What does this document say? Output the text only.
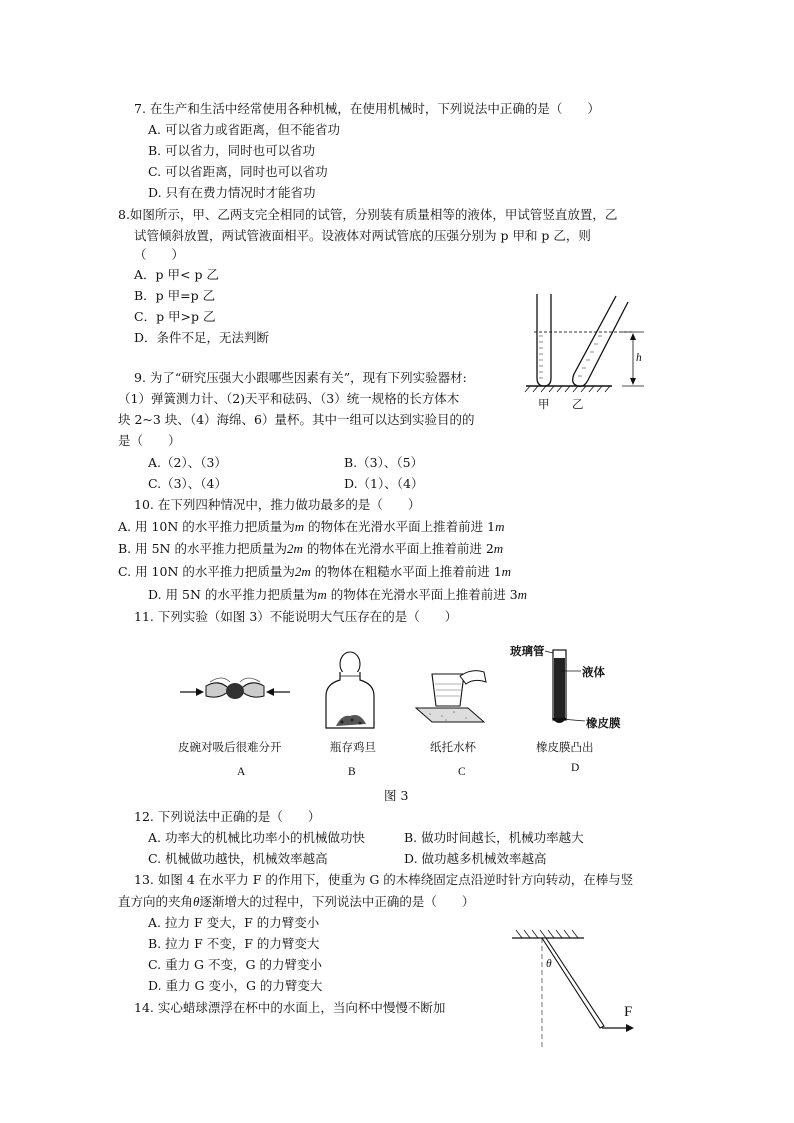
7. 在生产和生活中经常使用各种机械，在使用机械时，下列说法中正确的是（　　）
A. 可以省力或省距离，但不能省功
B. 可以省力，同时也可以省功
C. 可以省距离，同时也可以省功
D. 只有在费力情况时才能省功
8.如图所示，甲、乙两支完全相同的试管，分别装有质量相等的液体，甲试管竖直放置，乙
试管倾斜放置，两试管液面相平。设液体对两试管底的压强分别为 p 甲和 p 乙，则
（　　）
A．p 甲< p 乙
B．p 甲=p 乙
C．p 甲>p 乙
D．条件不足，无法判断
甲 乙
h
9. 为了“研究压强大小跟哪些因素有关”，现有下列实验器材:
（1）弹簧测力计、（2)天平和砝码、（3）统一规格的长方体木
块 2~3 块、（4）海绵、6）量杯。其中一组可以达到实验目的的
是（　　）
A.（2）、（3）	B.（3）、（5）
C.（3）、（4）	D.（1）、（4）
10. 在下列四种情况中，推力做功最多的是（　　）
A. 用 10N 的水平推力把质量为m 的物体在光滑水平面上推着前进 1m
B. 用 5N 的水平推力把质量为2m 的物体在光滑水平面上推着前进 2m
C. 用 10N 的水平推力把质量为2m 的物体在粗糙水平面上推着前进 1m
D. 用 5N 的水平推力把质量为m 的物体在光滑水平面上推着前进 3m
11. 下列实验（如图 3）不能说明大气压存在的是（　　）
皮碗对吸后很难分开
A
瓶存鸡旦
B
纸托水杯
C
玻璃管
液体
橡皮膜
橡皮膜凸出
D
图 3
12. 下列说法中正确的是（　　）
A. 功率大的机械比功率小的机械做功快	B. 做功时间越长，机械功率越大
C. 机械做功越快，机械效率越高	D. 做功越多机械效率越高
13. 如图 4 在水平力 F 的作用下，使重为 G 的木棒绕固定点沿逆时针方向转动，在棒与竖
直方向的夹角θ逐渐增大的过程中，下列说法中正确的是（　　）
A. 拉力 F 变大，F 的力臂变小
B. 拉力 F 不变，F 的力臂变大
C. 重力 G 不变，G 的力臂变小
D. 重力 G 变小，G 的力臂变大
θ
F
14. 实心蜡球漂浮在杯中的水面上，当向杯中慢慢不断加
